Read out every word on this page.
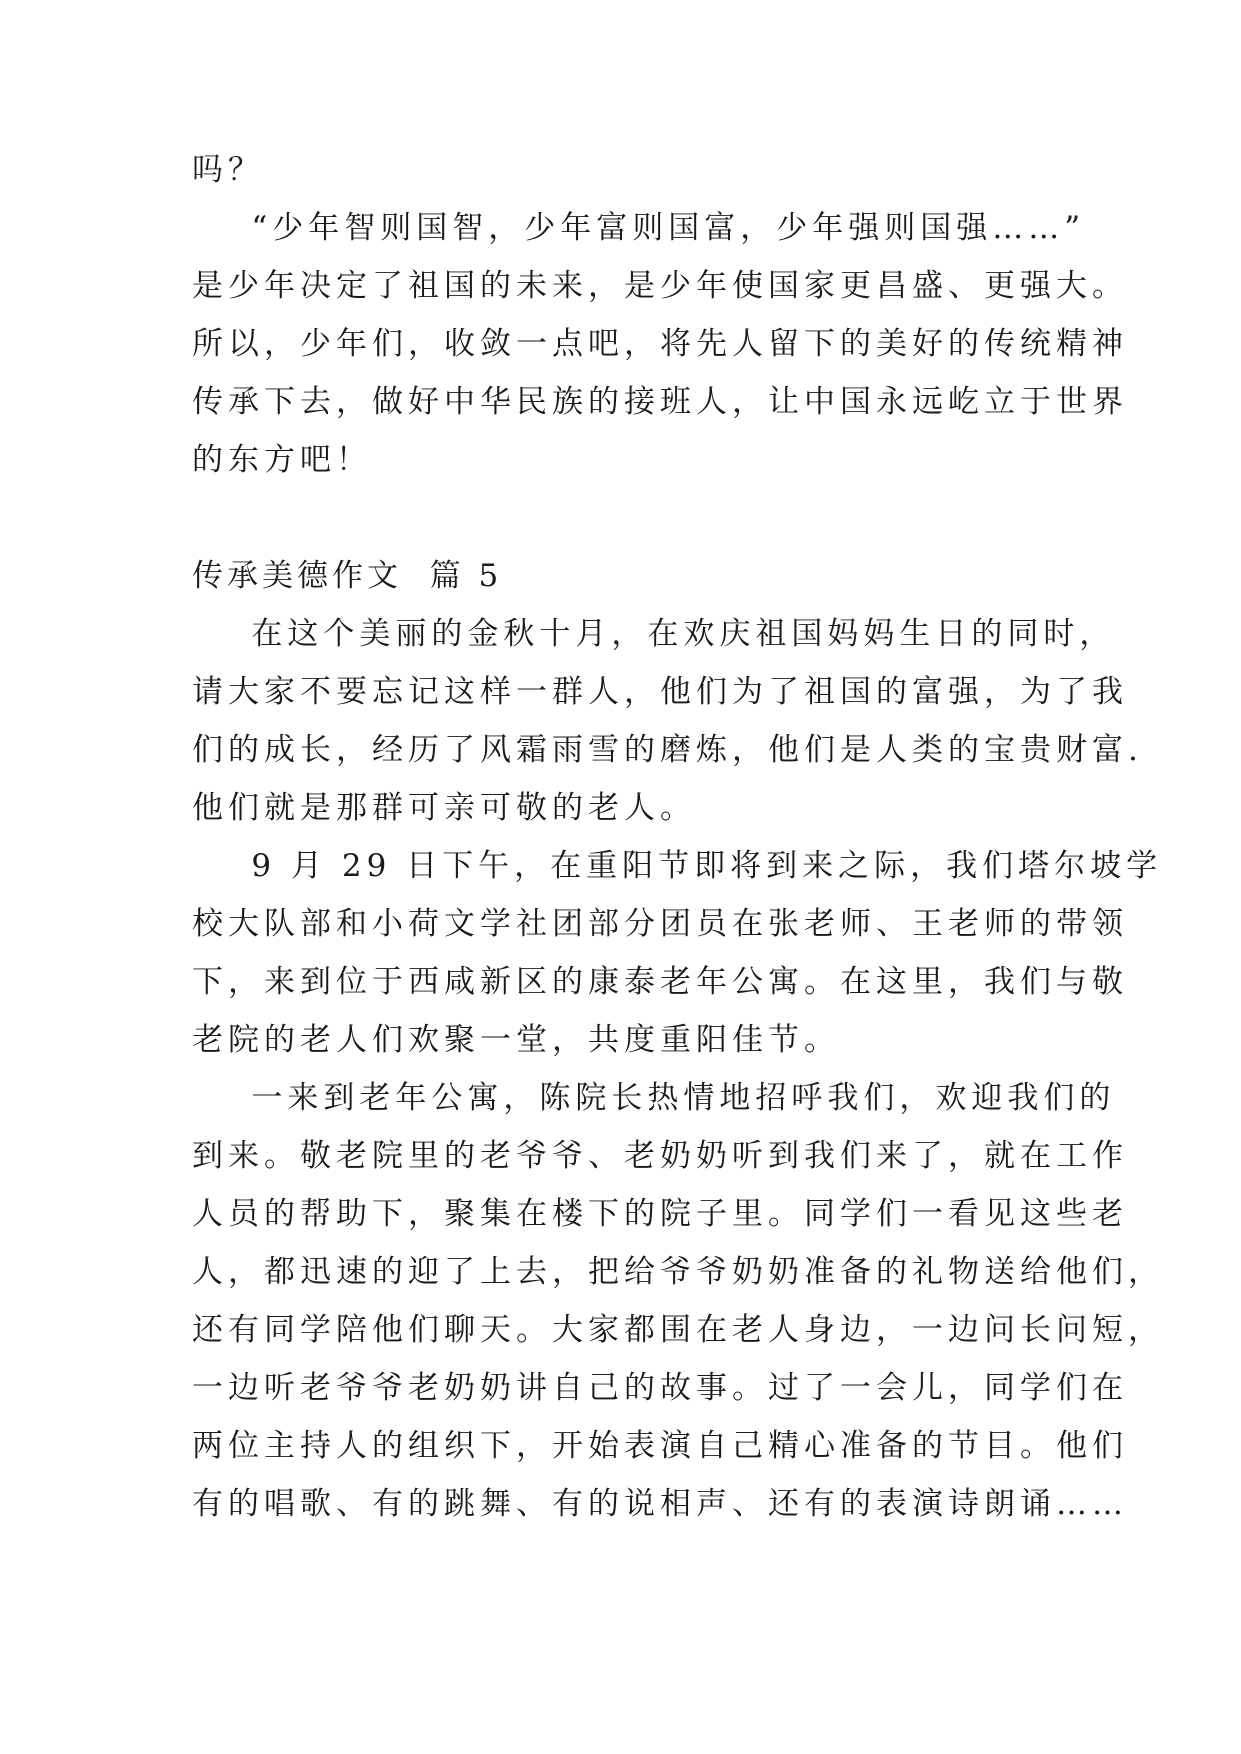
吗？
“少年智则国智，少年富则国富，少年强则国强……”
是少年决定了祖国的未来，是少年使国家更昌盛、更强大。
所以，少年们，收敛一点吧，将先人留下的美好的传统精神
传承下去，做好中华民族的接班人，让中国永远屹立于世界
的东方吧！
传承美德作文  篇 5
在这个美丽的金秋十月，在欢庆祖国妈妈生日的同时，
请大家不要忘记这样一群人，他们为了祖国的富强，为了我
们的成长，经历了风霜雨雪的磨炼，他们是人类的宝贵财富.
他们就是那群可亲可敬的老人。
9 月 29 日下午，在重阳节即将到来之际，我们塔尔坡学
校大队部和小荷文学社团部分团员在张老师、王老师的带领
下，来到位于西咸新区的康泰老年公寓。在这里，我们与敬
老院的老人们欢聚一堂，共度重阳佳节。
一来到老年公寓，陈院长热情地招呼我们，欢迎我们的
到来。敬老院里的老爷爷、老奶奶听到我们来了，就在工作
人员的帮助下，聚集在楼下的院子里。同学们一看见这些老
人，都迅速的迎了上去，把给爷爷奶奶准备的礼物送给他们，
还有同学陪他们聊天。大家都围在老人身边，一边问长问短，
一边听老爷爷老奶奶讲自己的故事。过了一会儿，同学们在
两位主持人的组织下，开始表演自己精心准备的节目。他们
有的唱歌、有的跳舞、有的说相声、还有的表演诗朗诵……
